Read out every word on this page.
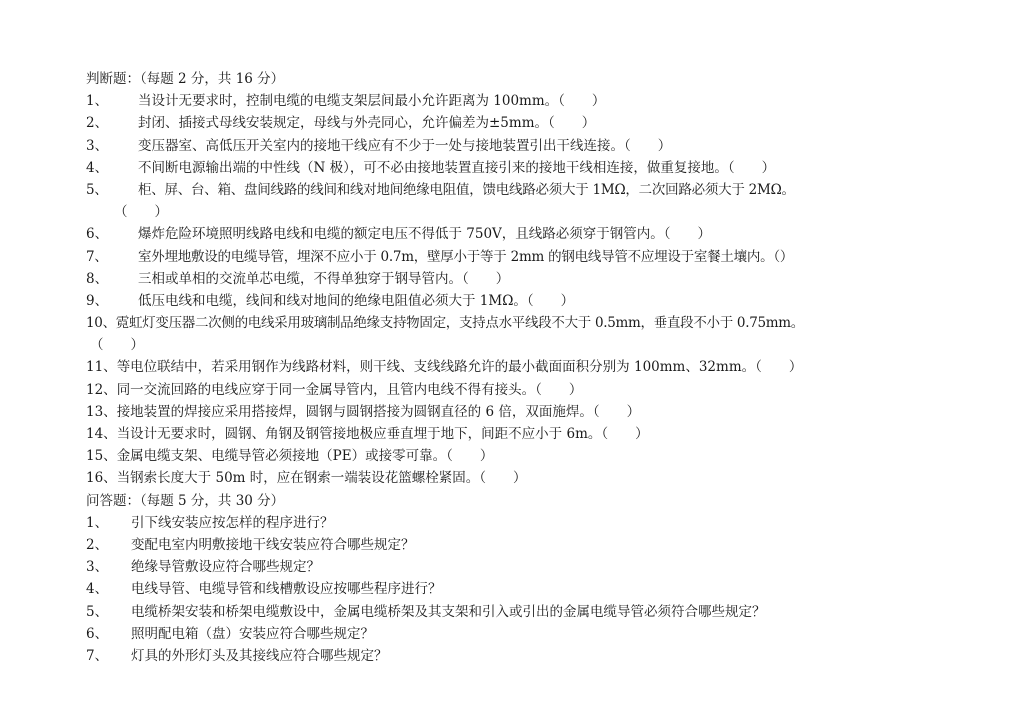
判断题：（每题 2 分，共 16 分）
1、 当设计无要求时，控制电缆的电缆支架层间最小允许距离为 100mm。（　　）
2、 封闭、插接式母线安装规定，母线与外壳同心，允许偏差为±5mm。（　　）
3、 变压器室、高低压开关室内的接地干线应有不少于一处与接地装置引出干线连接。（　　）
4、 不间断电源输出端的中性线（N 极），可不必由接地装置直接引来的接地干线相连接，做重复接地。（　　）
5、 柜、屏、台、箱、盘间线路的线间和线对地间绝缘电阻值，馈电线路必须大于 1MΩ，二次回路必须大于 2MΩ。
（　　）
6、 爆炸危险环境照明线路电线和电缆的额定电压不得低于 750V，且线路必须穿于钢管内。（　　）
7、 室外埋地敷设的电缆导管，埋深不应小于 0.7m，壁厚小于等于 2mm 的钢电线导管不应埋设于室餐土壤内。（）
8、 三相或单相的交流单芯电缆，不得单独穿于钢导管内。（　　）
9、 低压电线和电缆，线间和线对地间的绝缘电阻值必须大于 1MΩ。（　　）
10、霓虹灯变压器二次侧的电线采用玻璃制品绝缘支持物固定，支持点水平线段不大于 0.5mm，垂直段不小于 0.75mm。
（　　）
11、等电位联结中，若采用钢作为线路材料，则干线、支线线路允许的最小截面面积分别为 100mm、32mm。（　　）
12、同一交流回路的电线应穿于同一金属导管内，且管内电线不得有接头。（　　）
13、接地装置的焊接应采用搭接焊，圆钢与圆钢搭接为圆钢直径的 6 倍，双面施焊。（　　）
14、当设计无要求时，圆钢、角钢及钢管接地极应垂直埋于地下，间距不应小于 6m。（　　）
15、金属电缆支架、电缆导管必须接地（PE）或接零可靠。（　　）
16、当钢索长度大于 50m 时，应在钢索一端装设花篮螺栓紧固。（　　）
问答题：（每题 5 分，共 30 分）
1、 引下线安装应按怎样的程序进行？
2、 变配电室内明敷接地干线安装应符合哪些规定？
3、 绝缘导管敷设应符合哪些规定？
4、 电线导管、电缆导管和线槽敷设应按哪些程序进行？
5、 电缆桥架安装和桥架电缆敷设中，金属电缆桥架及其支架和引入或引出的金属电缆导管必须符合哪些规定？
6、 照明配电箱（盘）安装应符合哪些规定？
7、 灯具的外形灯头及其接线应符合哪些规定？
